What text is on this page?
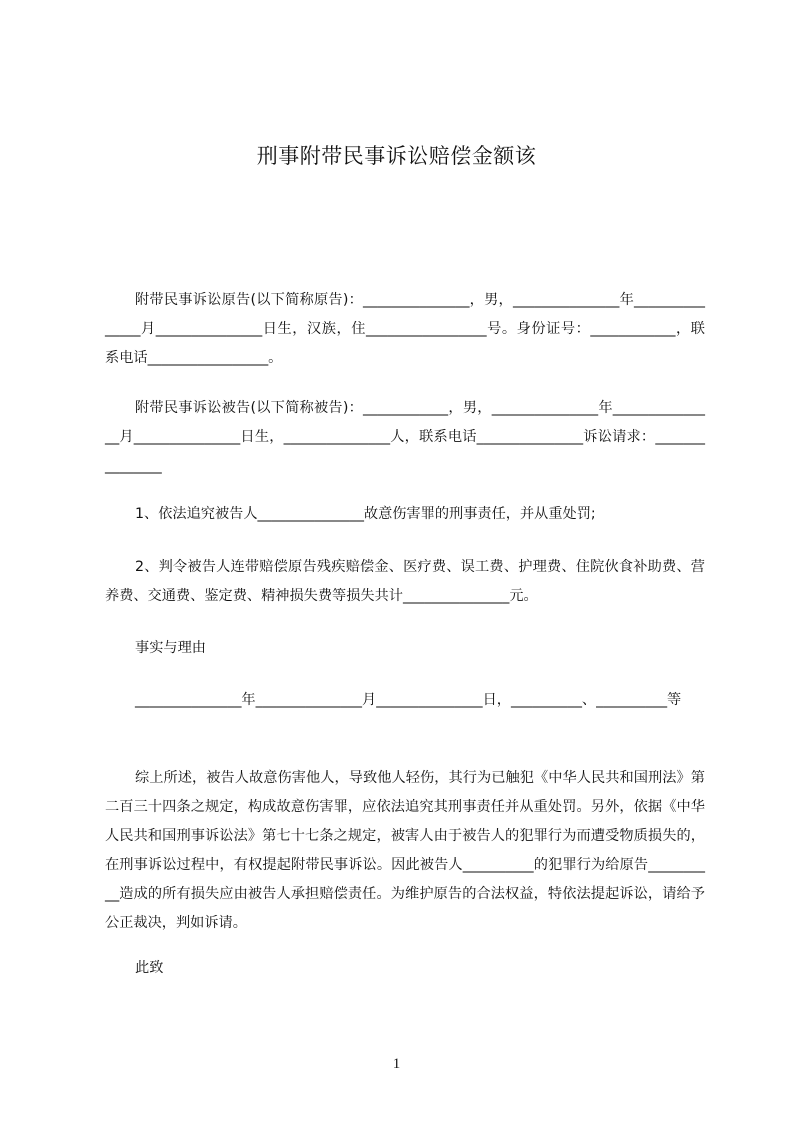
刑事附带民事诉讼赔偿金额该
附带民事诉讼原告(以下简称原告)：_______________，男，_______________年_______________月_______________日生，汉族，住_________________号。身份证号：____________，联系电话_________________。
附带民事诉讼被告(以下简称被告)：____________，男，_______________年_______________月_______________日生，_______________人，联系电话_______________诉讼请求：_______________
1、依法追究被告人_______________故意伤害罪的刑事责任，并从重处罚;
2、判令被告人连带赔偿原告残疾赔偿金、医疗费、误工费、护理费、住院伙食补助费、营养费、交通费、鉴定费、精神损失费等损失共计_______________元。
事实与理由
_______________年_______________月_______________日，__________、__________等
综上所述，被告人故意伤害他人，导致他人轻伤，其行为已触犯《中华人民共和国刑法》第二百三十四条之规定，构成故意伤害罪，应依法追究其刑事责任并从重处罚。另外，依据《中华人民共和国刑事诉讼法》第七十七条之规定，被害人由于被告人的犯罪行为而遭受物质损失的，在刑事诉讼过程中，有权提起附带民事诉讼。因此被告人__________的犯罪行为给原告__________造成的所有损失应由被告人承担赔偿责任。为维护原告的合法权益，特依法提起诉讼，请给予公正裁决，判如诉请。
此致
1
